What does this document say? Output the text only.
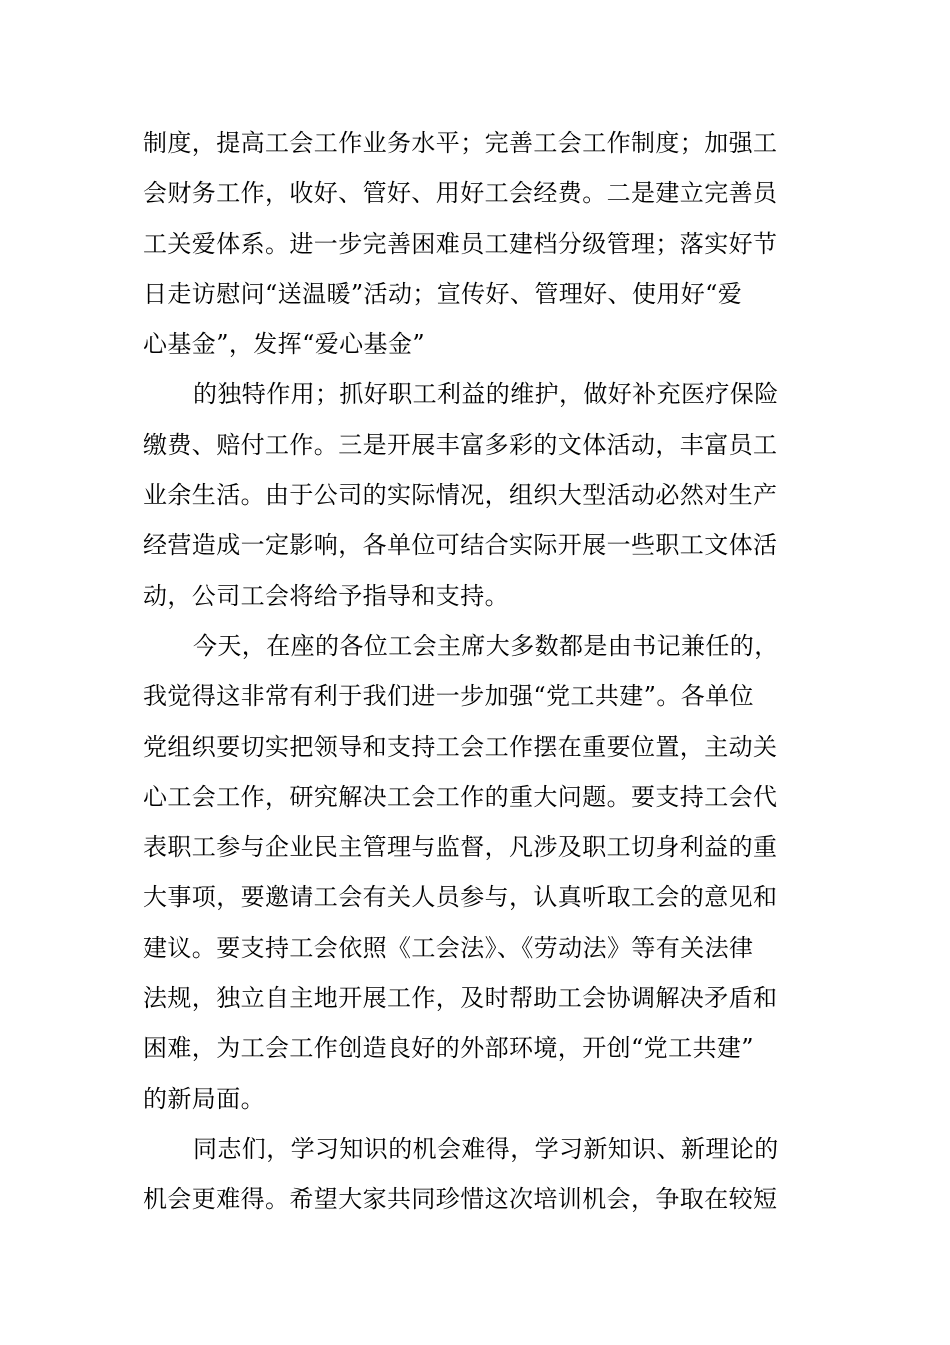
制度，提高工会工作业务水平；完善工会工作制度；加强工
会财务工作，收好、管好、用好工会经费。二是建立完善员
工关爱体系。进一步完善困难员工建档分级管理；落实好节
日走访慰问“送温暖”活动；宣传好、管理好、使用好“爱
心基金”，发挥“爱心基金”
的独特作用；抓好职工利益的维护，做好补充医疗保险
缴费、赔付工作。三是开展丰富多彩的文体活动，丰富员工
业余生活。由于公司的实际情况，组织大型活动必然对生产
经营造成一定影响，各单位可结合实际开展一些职工文体活
动，公司工会将给予指导和支持。
今天，在座的各位工会主席大多数都是由书记兼任的，
我觉得这非常有利于我们进一步加强“党工共建”。各单位
党组织要切实把领导和支持工会工作摆在重要位置，主动关
心工会工作，研究解决工会工作的重大问题。要支持工会代
表职工参与企业民主管理与监督，凡涉及职工切身利益的重
大事项，要邀请工会有关人员参与，认真听取工会的意见和
建议。要支持工会依照《工会法》、《劳动法》等有关法律
法规，独立自主地开展工作，及时帮助工会协调解决矛盾和
困难，为工会工作创造良好的外部环境，开创“党工共建”
的新局面。
同志们，学习知识的机会难得，学习新知识、新理论的
机会更难得。希望大家共同珍惜这次培训机会，争取在较短
